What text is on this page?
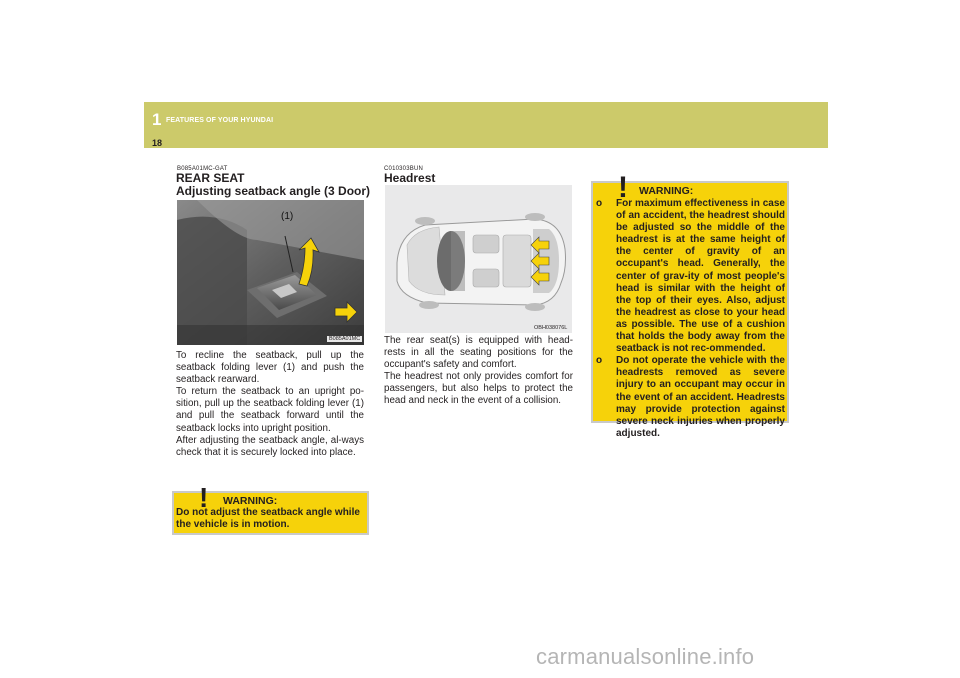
1 FEATURES OF YOUR HYUNDAI
18
B085A01MC-GAT
REAR SEAT
Adjusting seatback angle (3 Door)
(1)
B085A01MC

To recline the seatback, pull up the seatback folding lever (1) and push the seatback rearward.

To return the seatback to an upright po-sition, pull up the seatback folding lever (1) and pull the seatback forward until the seatback locks into upright position.

After adjusting the seatback angle, al-ways check that it is securely locked into place.

! WARNING:
Do not adjust the seatback angle while the vehicle is in motion.
C010303BUN
Headrest
OBH038076L

The rear seat(s) is equipped with head-rests in all the seating positions for the occupant's safety and comfort.

The headrest not only provides comfort for passengers, but also helps to protect the head and neck in the event of a collision.

! WARNING:
o For maximum effectiveness in case of an accident, the headrest should be adjusted so the middle of the headrest is at the same height of the center of gravity of an occupant's head. Generally, the center of grav-ity of most people's head is similar with the height of the top of their eyes. Also, adjust the headrest as close to your head as possible. The use of a cushion that holds the body away from the seatback is not rec-ommended.
o Do not operate the vehicle with the headrests removed as severe injury to an occupant may occur in the event of an accident. Headrests may provide protection against severe neck injuries when properly adjusted.
carmanualsonline.info
